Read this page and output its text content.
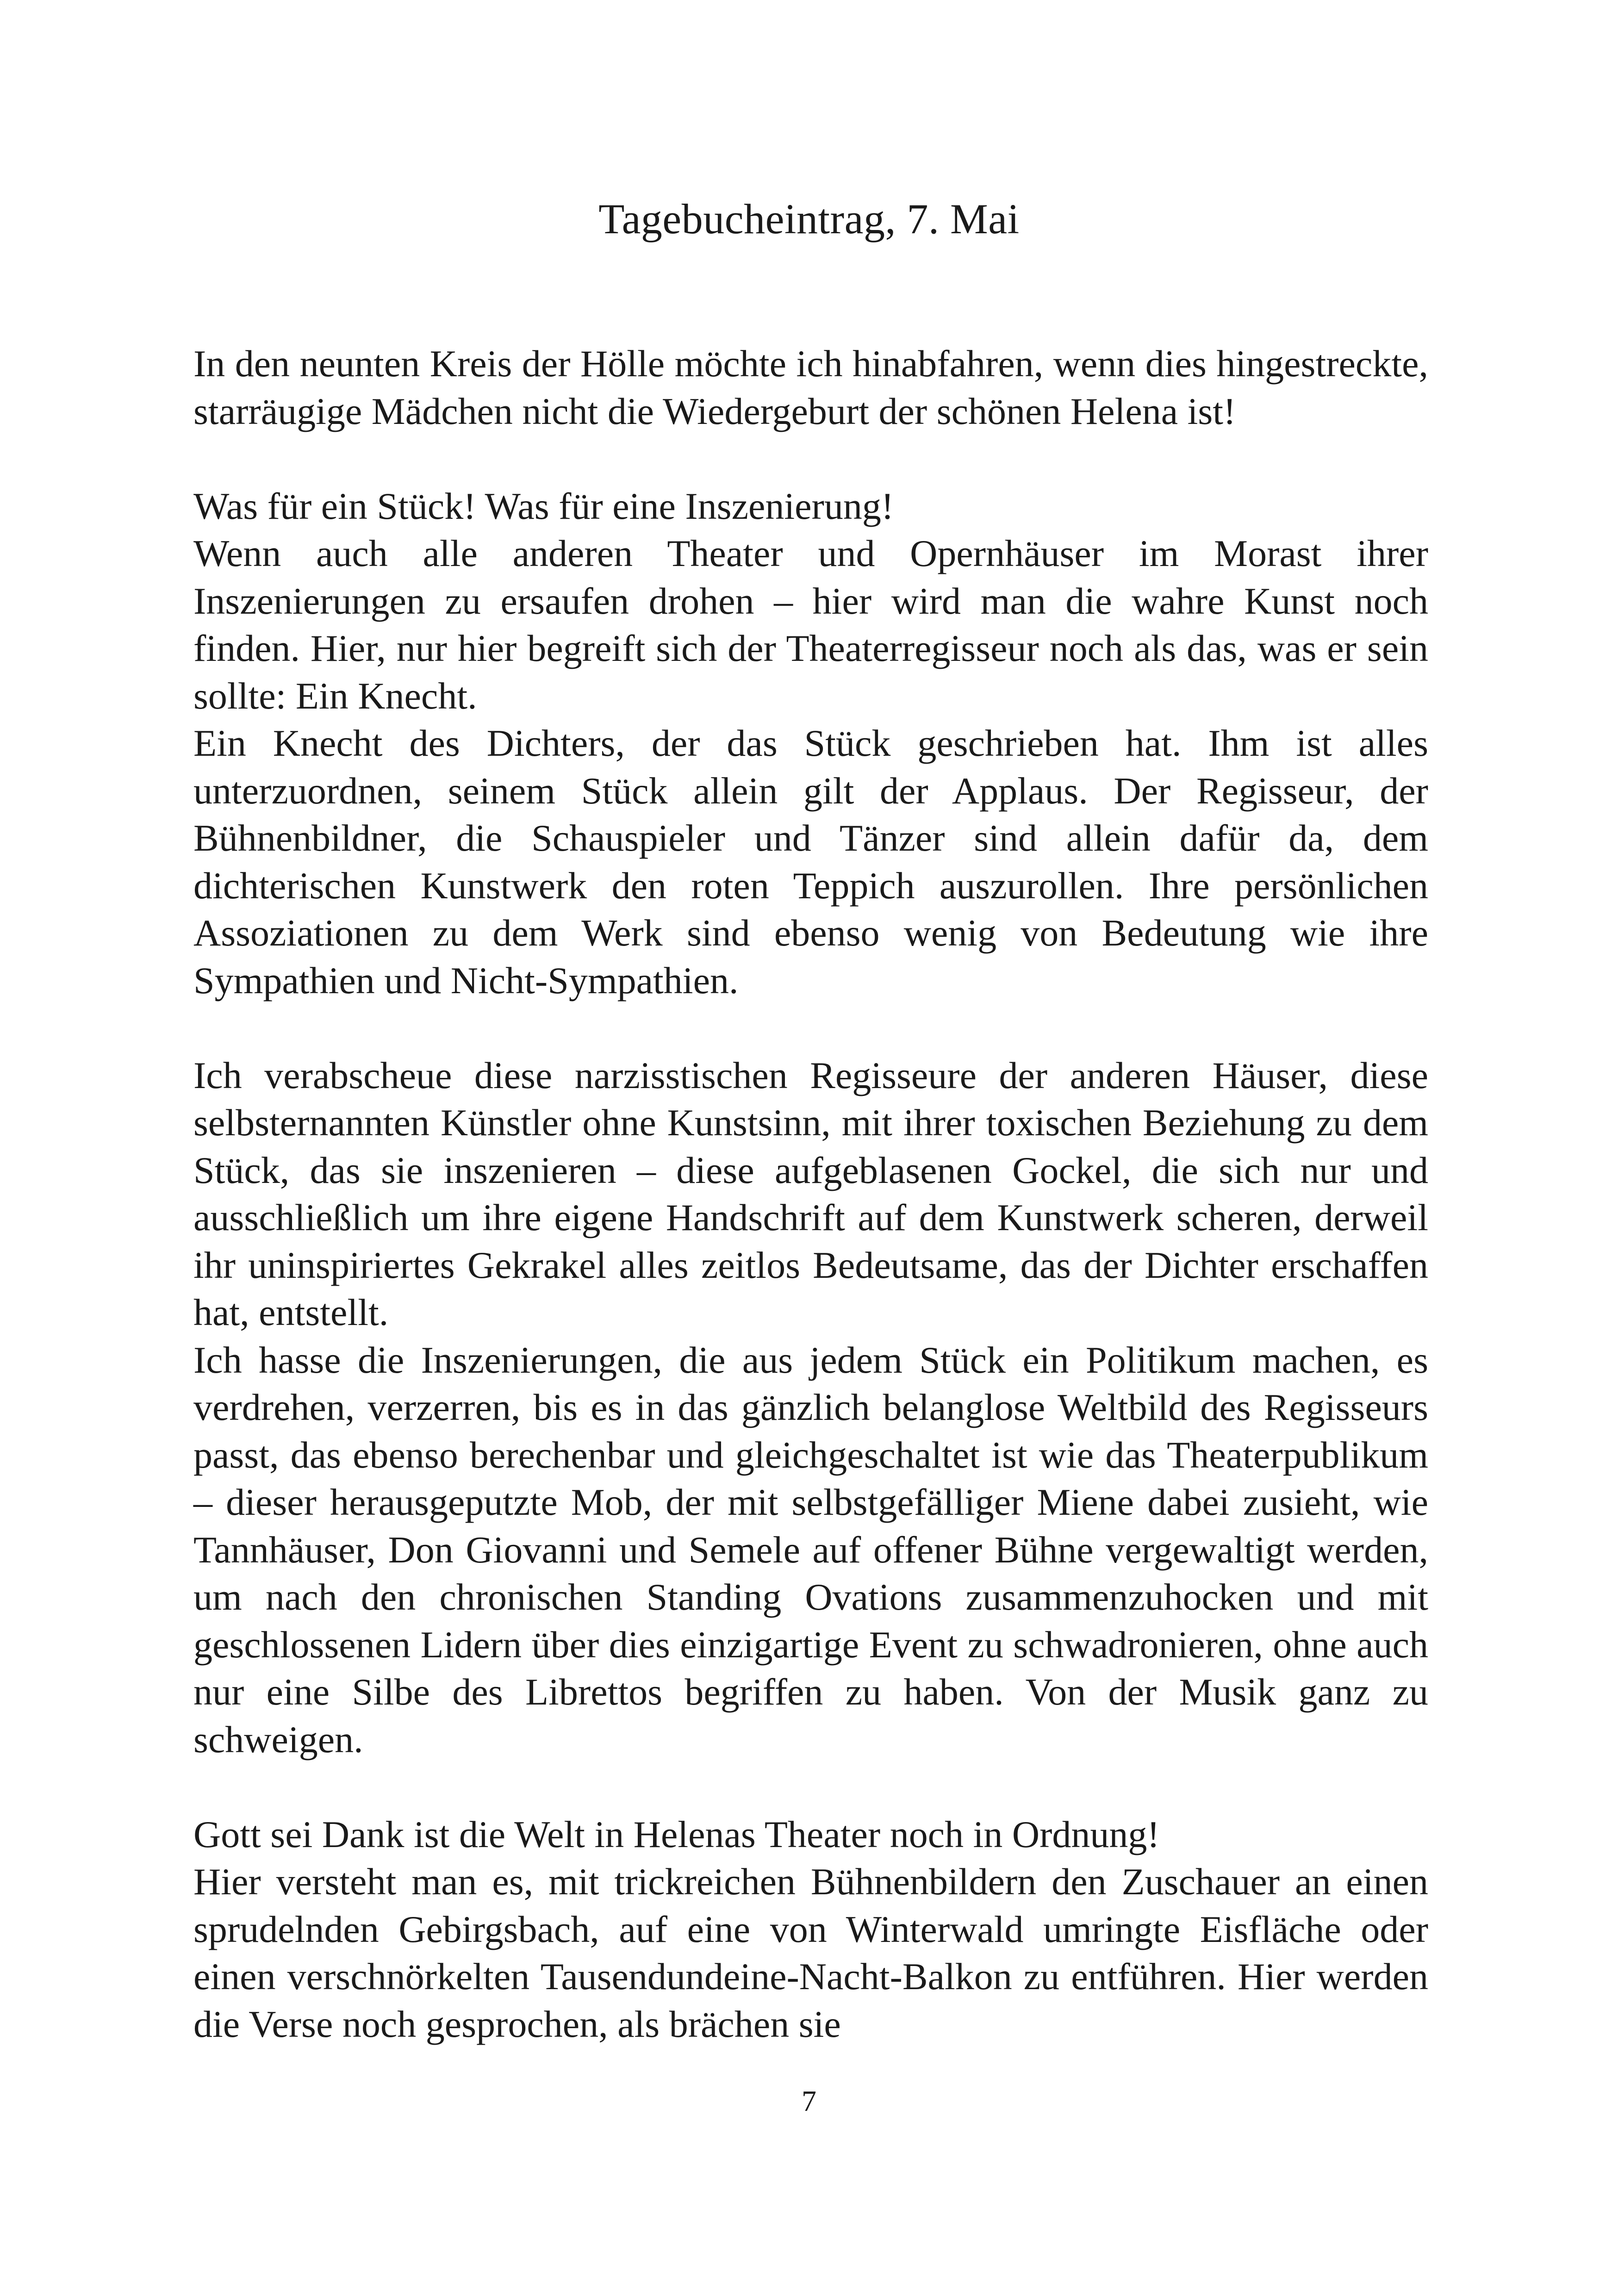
Tagebucheintrag, 7. Mai

In den neunten Kreis der Hölle möchte ich hinabfahren, wenn dies hingestreckte, starräugige Mädchen nicht die Wiedergeburt der schönen Helena ist!

Was für ein Stück! Was für eine Inszenierung!

Wenn auch alle anderen Theater und Opernhäuser im Morast ihrer Inszenierungen zu ersaufen drohen – hier wird man die wahre Kunst noch finden. Hier, nur hier begreift sich der Theaterregisseur noch als das, was er sein sollte: Ein Knecht.

Ein Knecht des Dichters, der das Stück geschrieben hat. Ihm ist alles unterzuordnen, seinem Stück allein gilt der Applaus. Der Regisseur, der Bühnenbildner, die Schauspieler und Tänzer sind allein dafür da, dem dichterischen Kunstwerk den roten Teppich auszurollen. Ihre persönlichen Assoziationen zu dem Werk sind ebenso wenig von Bedeutung wie ihre Sympathien und Nicht-Sympathien.

Ich verabscheue diese narzisstischen Regisseure der anderen Häuser, diese selbsternannten Künstler ohne Kunstsinn, mit ihrer toxischen Beziehung zu dem Stück, das sie inszenieren – diese aufgeblasenen Gockel, die sich nur und ausschließlich um ihre eigene Handschrift auf dem Kunstwerk scheren, derweil ihr uninspiriertes Gekrakel alles zeitlos Bedeutsame, das der Dichter erschaffen hat, entstellt.

Ich hasse die Inszenierungen, die aus jedem Stück ein Politikum machen, es verdrehen, verzerren, bis es in das gänzlich belanglose Weltbild des Regisseurs passt, das ebenso berechenbar und gleichgeschaltet ist wie das Theaterpublikum – dieser herausgeputzte Mob, der mit selbstgefälliger Miene dabei zusieht, wie Tannhäuser, Don Giovanni und Semele auf offener Bühne vergewaltigt werden, um nach den chronischen Standing Ovations zusammenzuhocken und mit geschlossenen Lidern über dies einzigartige Event zu schwadronieren, ohne auch nur eine Silbe des Librettos begriffen zu haben. Von der Musik ganz zu schweigen.

Gott sei Dank ist die Welt in Helenas Theater noch in Ordnung!

Hier versteht man es, mit trickreichen Bühnenbildern den Zuschauer an einen sprudelnden Gebirgsbach, auf eine von Winterwald umringte Eisfläche oder einen verschnörkelten Tausendundeine-Nacht-Balkon zu entführen. Hier werden die Verse noch gesprochen, als brächen sie

7
